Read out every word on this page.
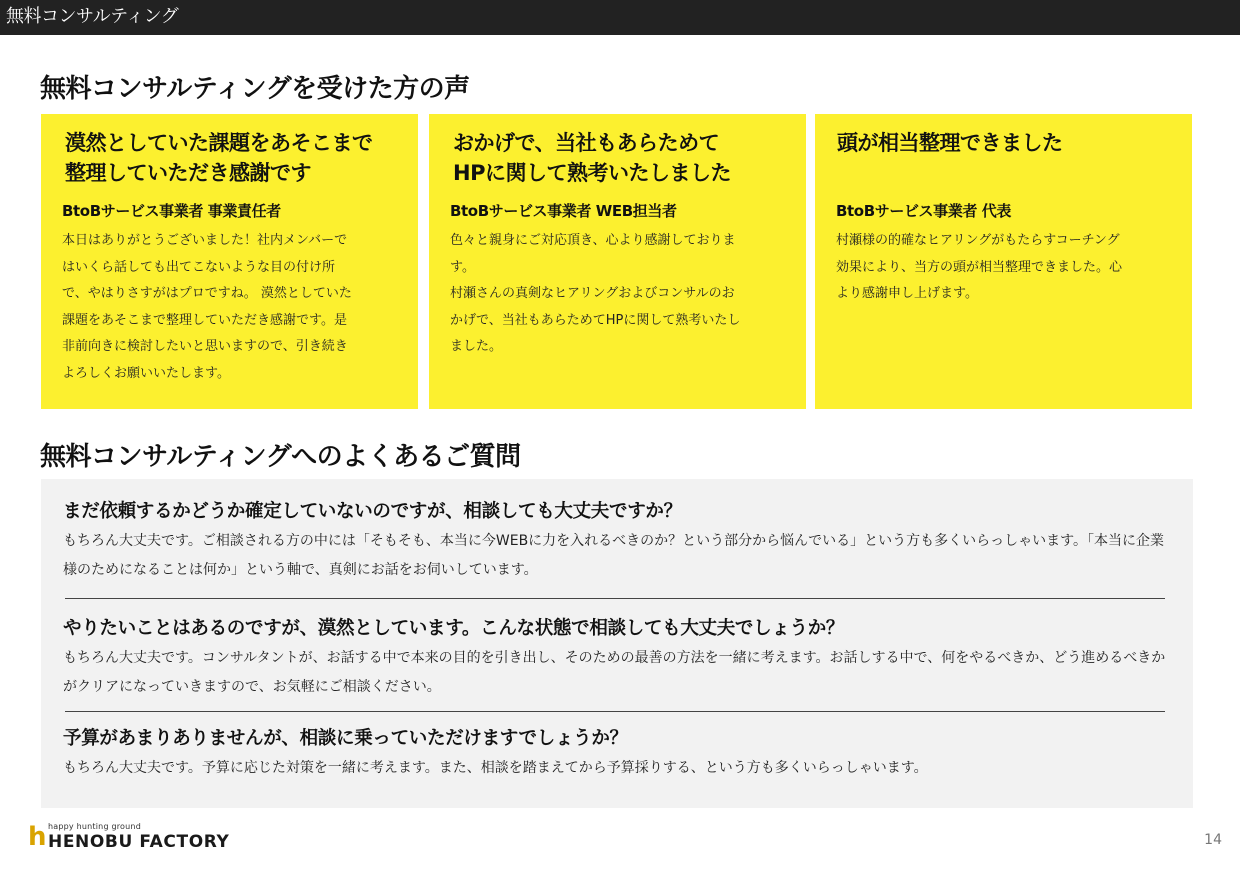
無料コンサルティング
無料コンサルティングを受けた方の声
漠然としていた課題をあそこまで
整理していただき感謝です
BtoBサービス事業者 事業責任者
本日はありがとうございました！社内メンバーで
はいくら話しても出てこないような目の付け所
で、やはりさすがはプロですね。 漠然としていた
課題をあそこまで整理していただき感謝です。是
非前向きに検討したいと思いますので、引き続き
よろしくお願いいたします。
おかげで、当社もあらためて
HPに関して熟考いたしました
BtoBサービス事業者 WEB担当者
色々と親身にご対応頂き、心より感謝しておりま
す。
村瀬さんの真剣なヒアリングおよびコンサルのお
かげで、当社もあらためてHPに関して熟考いたし
ました。
頭が相当整理できました
BtoBサービス事業者 代表
村瀬様の的確なヒアリングがもたらすコーチング
効果により、当方の頭が相当整理できました。心
より感謝申し上げます。
無料コンサルティングへのよくあるご質問
まだ依頼するかどうか確定していないのですが、相談しても大丈夫ですか？
もちろん大丈夫です。ご相談される方の中には「そもそも、本当に今WEBに力を入れるべきのか？という部分から悩んでいる」という方も多くいらっしゃいます。「本当に企業様のためになることは何か」という軸で、真剣にお話をお伺いしています。
やりたいことはあるのですが、漠然としています。こんな状態で相談しても大丈夫でしょうか？
もちろん大丈夫です。コンサルタントが、お話する中で本来の目的を引き出し、そのための最善の方法を一緒に考えます。お話しする中で、何をやるべきか、どう進めるべきかがクリアになっていきますので、お気軽にご相談ください。
予算があまりありませんが、相談に乗っていただけますでしょうか？
もちろん大丈夫です。予算に応じた対策を一緒に考えます。また、相談を踏まえてから予算採りする、という方も多くいらっしゃいます。
h happy hunting ground
HENOBU FACTORY	14
